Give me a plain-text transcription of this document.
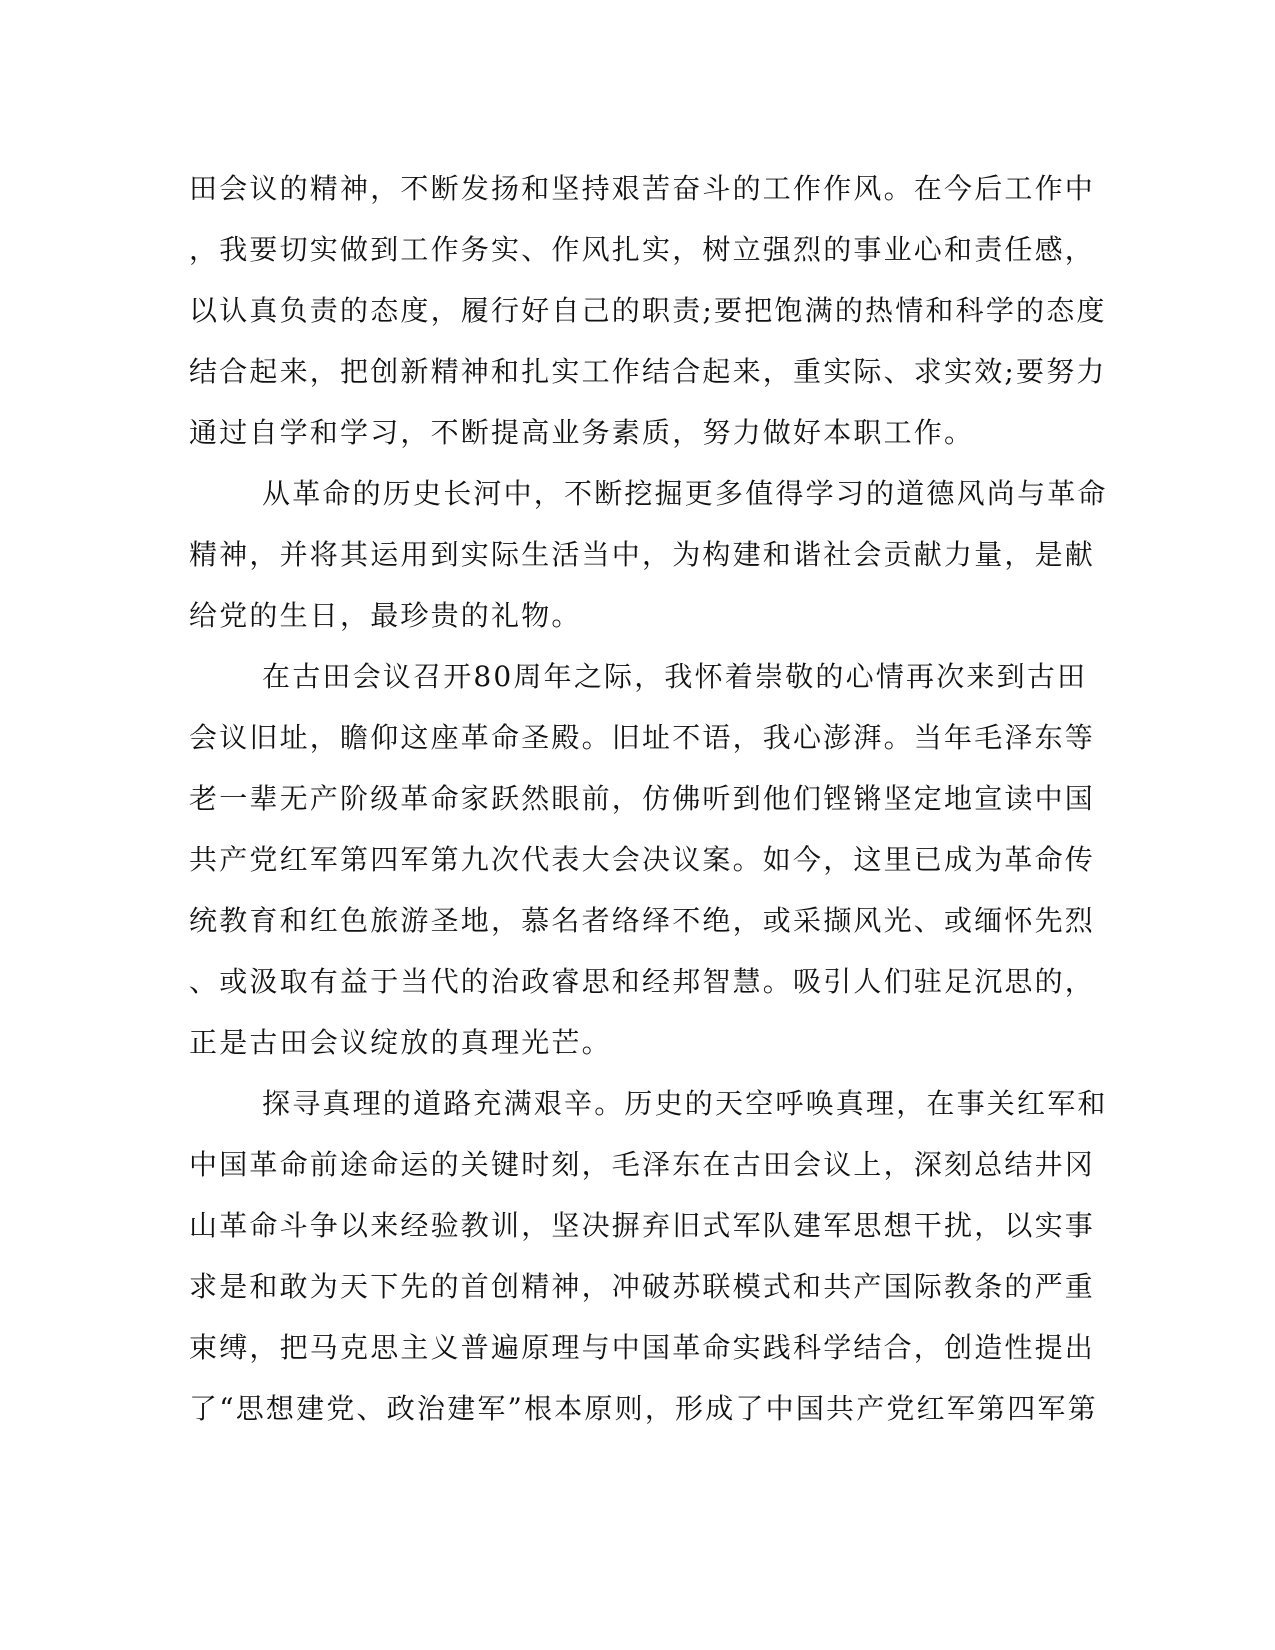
田会议的精神，不断发扬和坚持艰苦奋斗的工作作风。在今后工作中
，我要切实做到工作务实、作风扎实，树立强烈的事业心和责任感，
以认真负责的态度，履行好自己的职责;要把饱满的热情和科学的态度
结合起来，把创新精神和扎实工作结合起来，重实际、求实效;要努力
通过自学和学习，不断提高业务素质，努力做好本职工作。
从革命的历史长河中，不断挖掘更多值得学习的道德风尚与革命
精神，并将其运用到实际生活当中，为构建和谐社会贡献力量，是献
给党的生日，最珍贵的礼物。
在古田会议召开80周年之际，我怀着崇敬的心情再次来到古田
会议旧址，瞻仰这座革命圣殿。旧址不语，我心澎湃。当年毛泽东等
老一辈无产阶级革命家跃然眼前，仿佛听到他们铿锵坚定地宣读中国
共产党红军第四军第九次代表大会决议案。如今，这里已成为革命传
统教育和红色旅游圣地，慕名者络绎不绝，或采撷风光、或缅怀先烈
、或汲取有益于当代的治政睿思和经邦智慧。吸引人们驻足沉思的，
正是古田会议绽放的真理光芒。
探寻真理的道路充满艰辛。历史的天空呼唤真理，在事关红军和
中国革命前途命运的关键时刻，毛泽东在古田会议上，深刻总结井冈
山革命斗争以来经验教训，坚决摒弃旧式军队建军思想干扰，以实事
求是和敢为天下先的首创精神，冲破苏联模式和共产国际教条的严重
束缚，把马克思主义普遍原理与中国革命实践科学结合，创造性提出
了“思想建党、政治建军”根本原则，形成了中国共产党红军第四军第
